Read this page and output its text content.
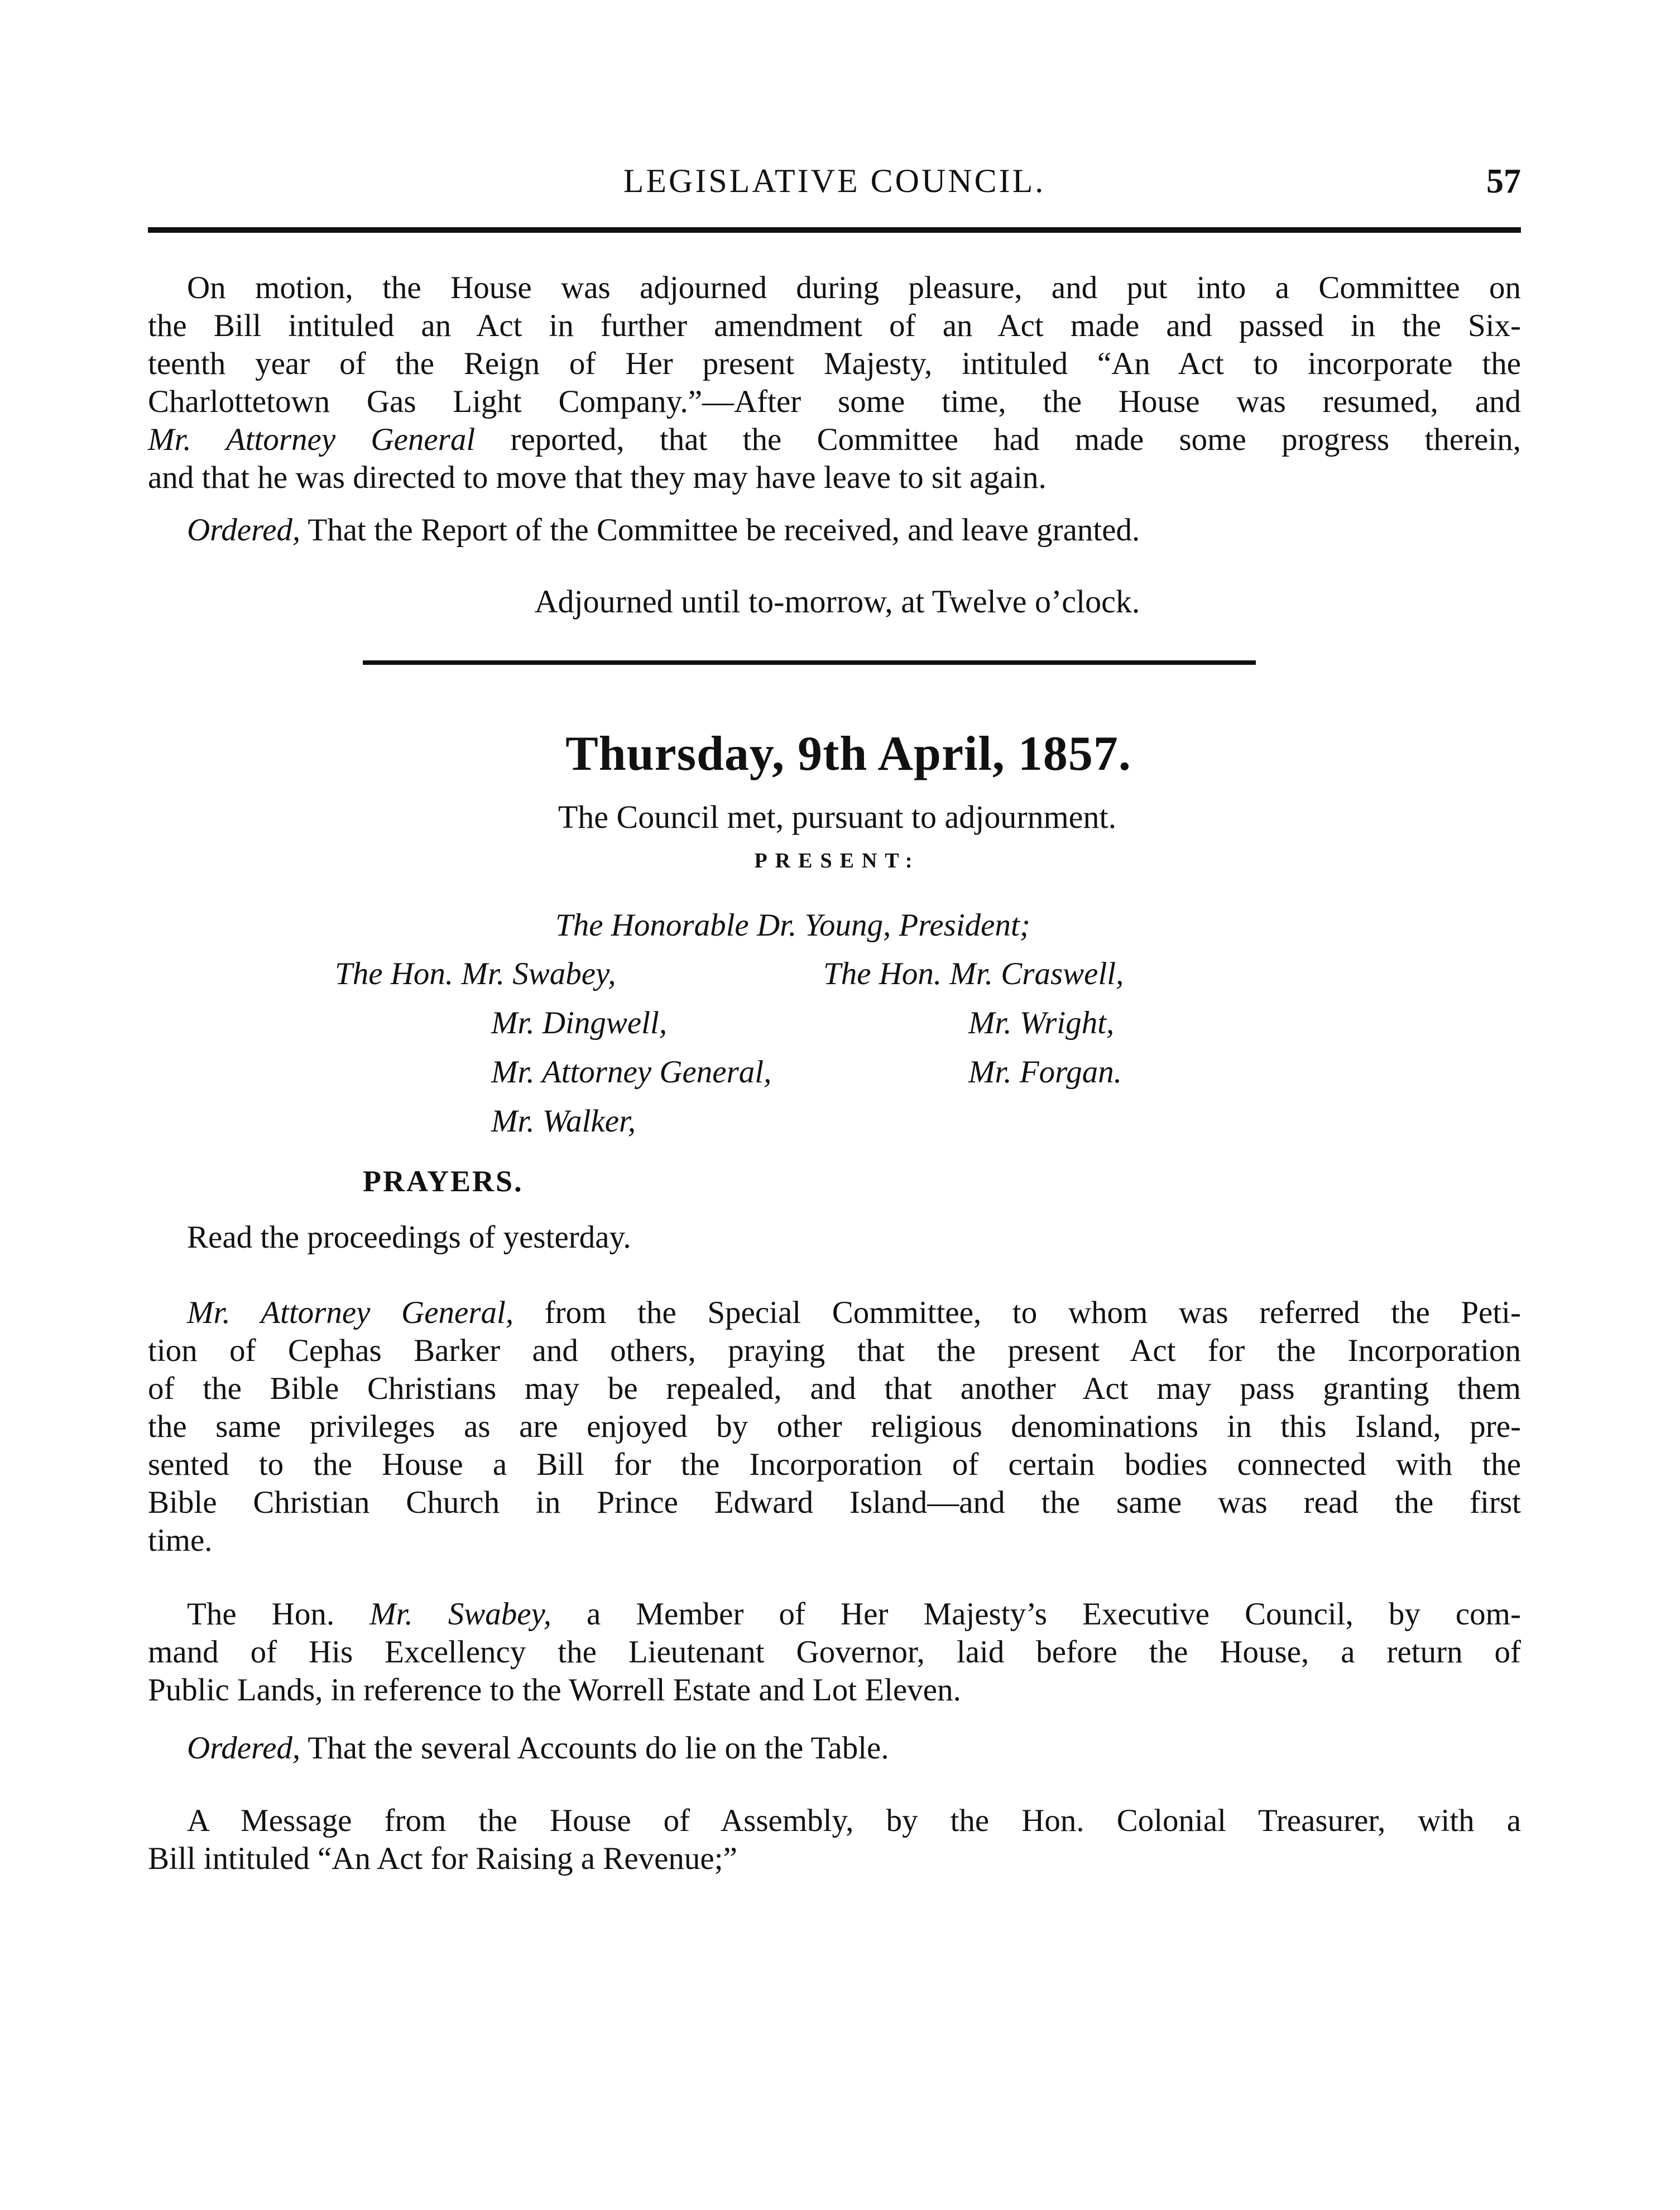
LEGISLATIVE COUNCIL.	57
On motion, the House was adjourned during pleasure, and put into a Committee on
the Bill intituled an Act in further amendment of an Act made and passed in the Six-
teenth year of the Reign of Her present Majesty, intituled “An Act to incorporate the
Charlottetown Gas Light Company.”—After some time, the House was resumed, and
Mr. Attorney General reported, that the Committee had made some progress therein,
and that he was directed to move that they may have leave to sit again.
Ordered, That the Report of the Committee be received, and leave granted.
Adjourned until to-morrow, at Twelve o’clock.
Thursday, 9th April, 1857.
The Council met, pursuant to adjournment.
PRESENT:
The Honorable Dr. Young, President;
The Hon. Mr. Swabey,
Mr. Dingwell,
Mr. Attorney General,
Mr. Walker,
The Hon. Mr. Craswell,
Mr. Wright,
Mr. Forgan.
PRAYERS.
Read the proceedings of yesterday.
Mr. Attorney General, from the Special Committee, to whom was referred the Peti-
tion of Cephas Barker and others, praying that the present Act for the Incorporation
of the Bible Christians may be repealed, and that another Act may pass granting them
the same privileges as are enjoyed by other religious denominations in this Island, pre-
sented to the House a Bill for the Incorporation of certain bodies connected with the
Bible Christian Church in Prince Edward Island—and the same was read the first
time.
The Hon. Mr. Swabey, a Member of Her Majesty’s Executive Council, by com-
mand of His Excellency the Lieutenant Governor, laid before the House, a return of
Public Lands, in reference to the Worrell Estate and Lot Eleven.
Ordered, That the several Accounts do lie on the Table.
A Message from the House of Assembly, by the Hon. Colonial Treasurer, with a
Bill intituled “An Act for Raising a Revenue;”
